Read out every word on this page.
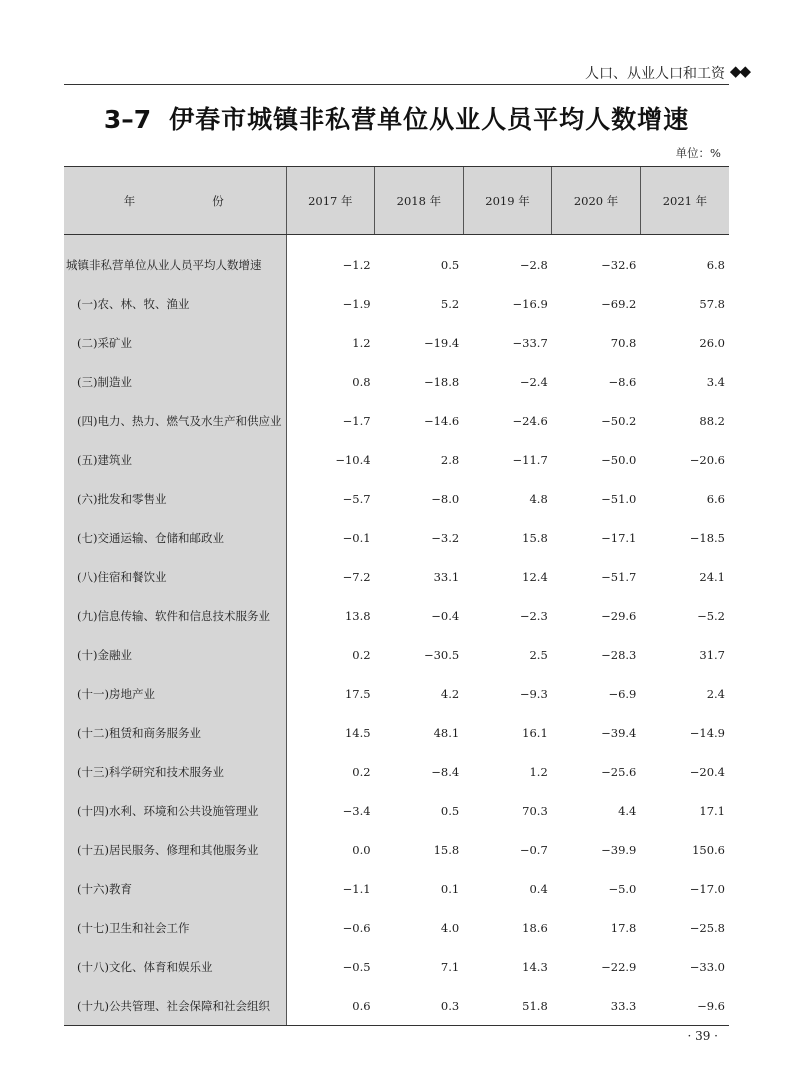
人口、从业人口和工资 ◆◆
3–7 伊春市城镇非私营单位从业人员平均人数增速
单位：%
年　　份	2017 年	2018 年	2019 年	2020 年	2021 年
城镇非私营单位从业人员平均人数增速	−1.2	0.5	−2.8	−32.6	6.8
(一)农、林、牧、渔业	−1.9	5.2	−16.9	−69.2	57.8
(二)采矿业	1.2	−19.4	−33.7	70.8	26.0
(三)制造业	0.8	−18.8	−2.4	−8.6	3.4
(四)电力、热力、燃气及水生产和供应业	−1.7	−14.6	−24.6	−50.2	88.2
(五)建筑业	−10.4	2.8	−11.7	−50.0	−20.6
(六)批发和零售业	−5.7	−8.0	4.8	−51.0	6.6
(七)交通运输、仓储和邮政业	−0.1	−3.2	15.8	−17.1	−18.5
(八)住宿和餐饮业	−7.2	33.1	12.4	−51.7	24.1
(九)信息传输、软件和信息技术服务业	13.8	−0.4	−2.3	−29.6	−5.2
(十)金融业	0.2	−30.5	2.5	−28.3	31.7
(十一)房地产业	17.5	4.2	−9.3	−6.9	2.4
(十二)租赁和商务服务业	14.5	48.1	16.1	−39.4	−14.9
(十三)科学研究和技术服务业	0.2	−8.4	1.2	−25.6	−20.4
(十四)水利、环境和公共设施管理业	−3.4	0.5	70.3	4.4	17.1
(十五)居民服务、修理和其他服务业	0.0	15.8	−0.7	−39.9	150.6
(十六)教育	−1.1	0.1	0.4	−5.0	−17.0
(十七)卫生和社会工作	−0.6	4.0	18.6	17.8	−25.8
(十八)文化、体育和娱乐业	−0.5	7.1	14.3	−22.9	−33.0
(十九)公共管理、社会保障和社会组织	0.6	0.3	51.8	33.3	−9.6
· 39 ·
